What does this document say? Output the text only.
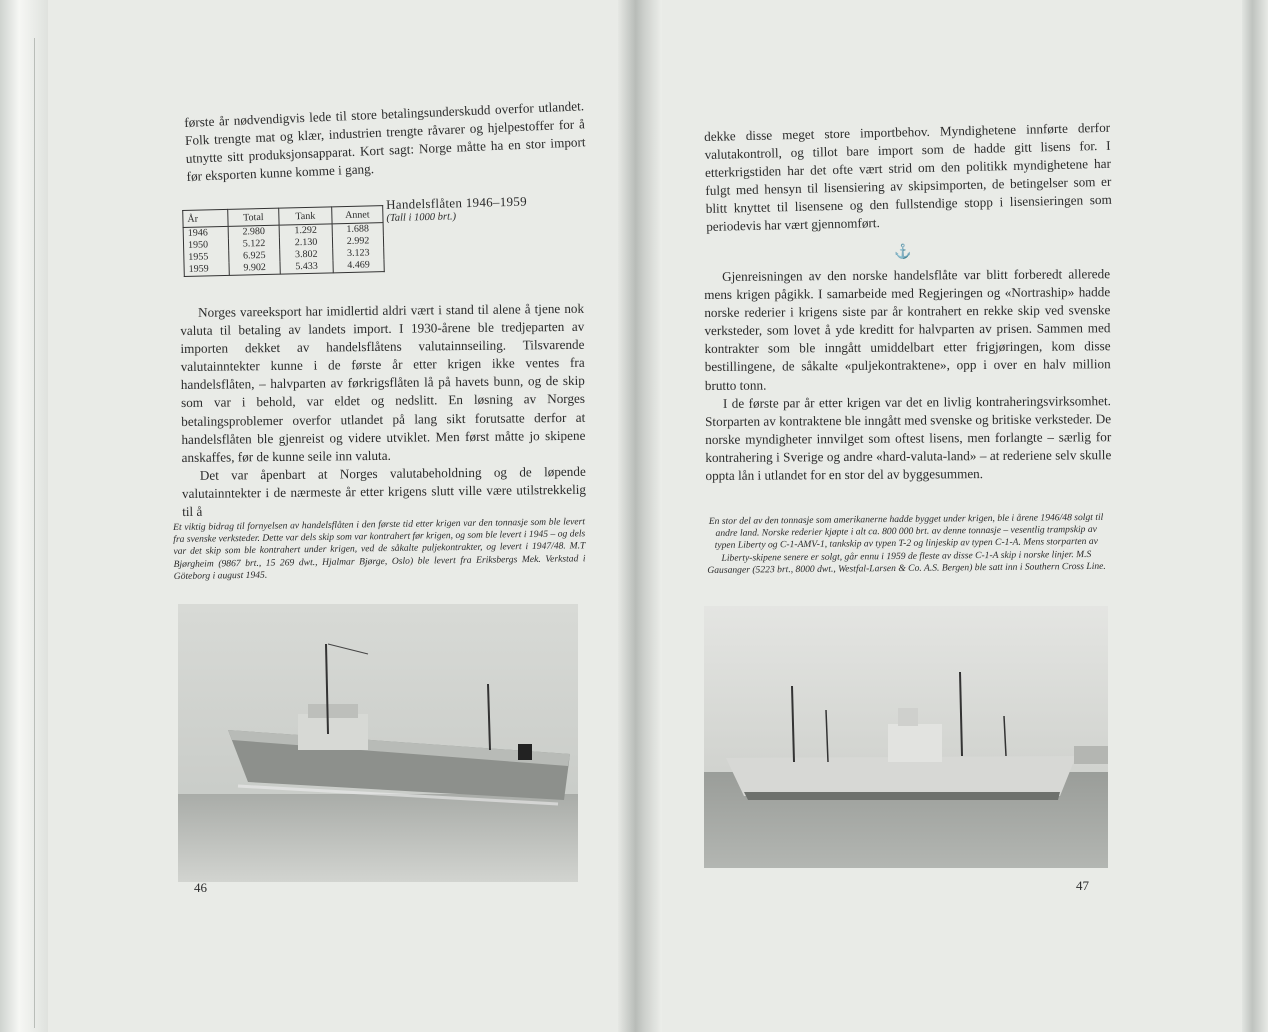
første år nødvendigvis lede til store betalingsunderskudd overfor utlandet. Folk trengte mat og klær, industrien trengte råvarer og hjelpestoffer for å utnytte sitt produksjonsapparat. Kort sagt: Norge måtte ha en stor import før eksporten kunne komme i gang.

År	Total	Tank	Annet
1946	2.980	1.292	1.688
1950	5.122	2.130	2.992
1955	6.925	3.802	3.123
1959	9.902	5.433	4.469
Handelsflåten 1946–1959
(Tall i 1000 brt.)

Norges vareeksport har imidlertid aldri vært i stand til alene å tjene nok valuta til betaling av landets import. I 1930-årene ble tredjeparten av importen dekket av handelsflåtens valutainnseiling. Tilsvarende valutainntekter kunne i de første år etter krigen ikke ventes fra handelsflåten, – halvparten av førkrigsflåten lå på havets bunn, og de skip som var i behold, var eldet og nedslitt. En løsning av Norges betalingsproblemer overfor utlandet på lang sikt forutsatte derfor at handelsflåten ble gjenreist og videre utviklet. Men først måtte jo skipene anskaffes, før de kunne seile inn valuta.

Det var åpenbart at Norges valutabeholdning og de løpende valutainntekter i de nærmeste år etter krigens slutt ville være utilstrekkelig til å

Et viktig bidrag til fornyelsen av handelsflåten i den første tid etter krigen var den tonnasje som ble levert fra svenske verksteder. Dette var dels skip som var kontrahert før krigen, og som ble levert i 1945 – og dels var det skip som ble kontrahert under krigen, ved de såkalte puljekontrakter, og levert i 1947/48. M.T Bjørgheim (9867 brt., 15 269 dwt., Hjalmar Bjørge, Oslo) ble levert fra Eriksbergs Mek. Verkstad i Göteborg i august 1945.
46

dekke disse meget store importbehov. Myndighetene innførte derfor valutakontroll, og tillot bare import som de hadde gitt lisens for. I etterkrigstiden har det ofte vært strid om den politikk myndighetene har fulgt med hensyn til lisensiering av skipsimporten, de betingelser som er blitt knyttet til lisensene og den fullstendige stopp i lisensieringen som periodevis har vært gjennomført.

⚓

Gjenreisningen av den norske handelsflåte var blitt forberedt allerede mens krigen pågikk. I samarbeide med Regjeringen og «Nortraship» hadde norske rederier i krigens siste par år kontrahert en rekke skip ved svenske verksteder, som lovet å yde kreditt for halvparten av prisen. Sammen med kontrakter som ble inngått umiddelbart etter frigjøringen, kom disse bestillingene, de såkalte «puljekontraktene», opp i over en halv million brutto tonn.

I de første par år etter krigen var det en livlig kontraheringsvirksomhet. Storparten av kontraktene ble inngått med svenske og britiske verksteder. De norske myndigheter innvilget som oftest lisens, men forlangte – særlig for kontrahering i Sverige og andre «hard-valuta-land» – at rederiene selv skulle oppta lån i utlandet for en stor del av byggesummen.

En stor del av den tonnasje som amerikanerne hadde bygget under krigen, ble i årene 1946/48 solgt til andre land. Norske rederier kjøpte i alt ca. 800 000 brt. av denne tonnasje – vesentlig trampskip av typen Liberty og C-1-AMV-1, tankskip av typen T-2 og linjeskip av typen C-1-A. Mens storparten av Liberty-skipene senere er solgt, går ennu i 1959 de fleste av disse C-1-A skip i norske linjer. M.S Gausanger (5223 brt., 8000 dwt., Westfal-Larsen & Co. A.S. Bergen) ble satt inn i Southern Cross Line.
47
